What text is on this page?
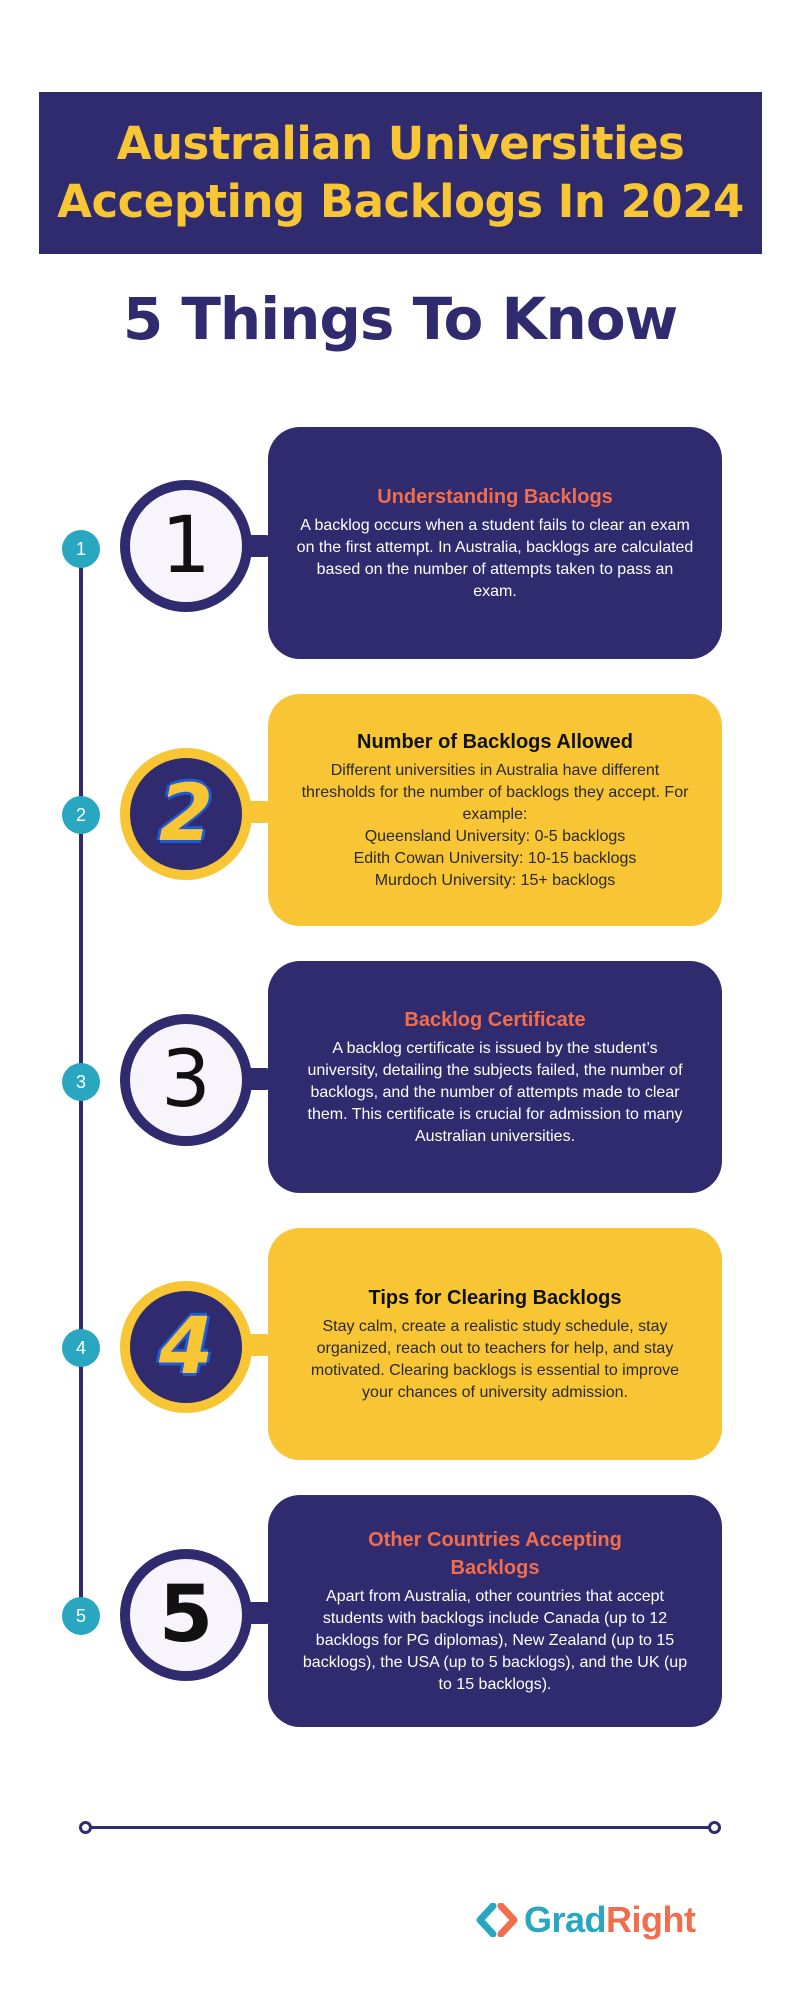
Australian Universities Accepting Backlogs In 2024
5 Things To Know
1 1
Understanding Backlogs

A backlog occurs when a student fails to clear an exam on the first attempt. In Australia, backlogs are calculated based on the number of attempts taken to pass an exam.

2 2
Number of Backlogs Allowed
Different universities in Australia have different thresholds for the number of backlogs they accept. For example:
Queensland University: 0-5 backlogs
Edith Cowan University: 10-15 backlogs
Murdoch University: 15+ backlogs
3 3
Backlog Certificate

A backlog certificate is issued by the student’s university, detailing the subjects failed, the number of backlogs, and the number of attempts made to clear them. This certificate is crucial for admission to many Australian universities.

4 4
Tips for Clearing Backlogs

Stay calm, create a realistic study schedule, stay organized, reach out to teachers for help, and stay motivated. Clearing backlogs is essential to improve your chances of university admission.

5 5
Other Countries Accepting Backlogs

Apart from Australia, other countries that accept students with backlogs include Canada (up to 12 backlogs for PG diplomas), New Zealand (up to 15 backlogs), the USA (up to 5 backlogs), and the UK (up to 15 backlogs).

Grad Right
